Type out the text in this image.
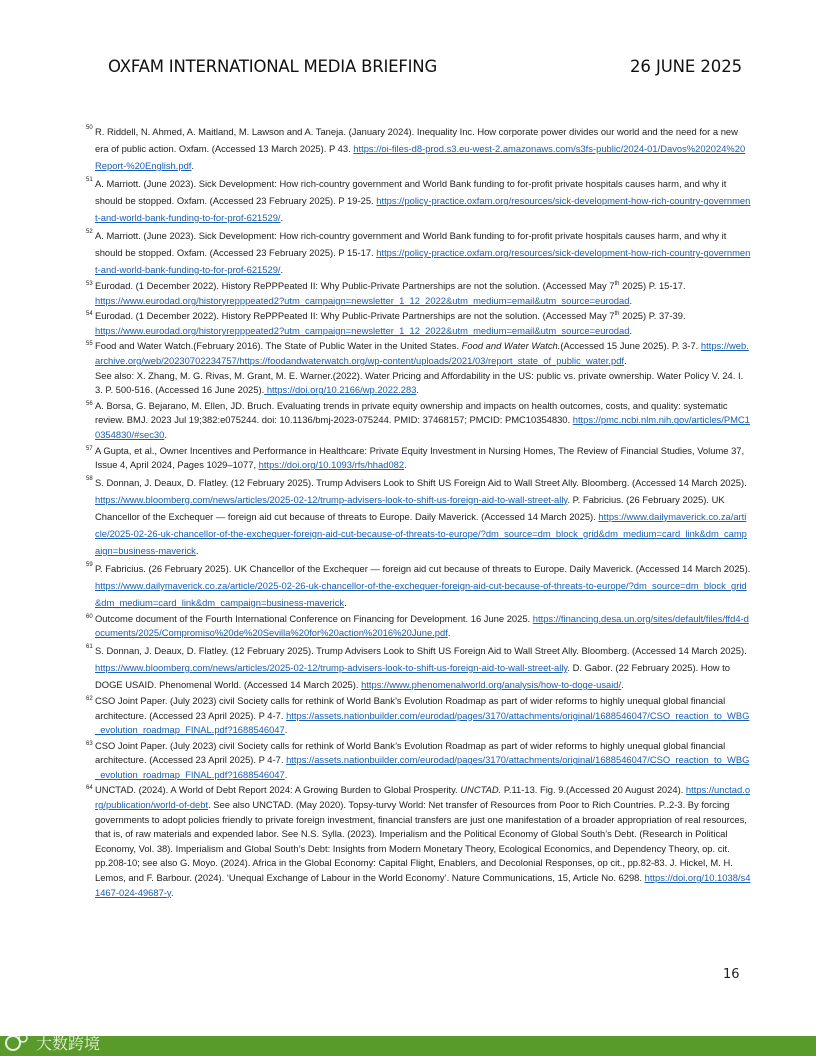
OXFAM INTERNATIONAL MEDIA BRIEFING	26 JUNE 2025

50 R. Riddell, N. Ahmed, A. Maitland, M. Lawson and A. Taneja. (January 2024). Inequality Inc. How corporate power divides our world and the need for a new era of public action. Oxfam. (Accessed 13 March 2025). P 43. https://oi-files-d8-prod.s3.eu-west-2.amazonaws.com/s3fs-public/2024-01/Davos%202024%20Report-%20English.pdf.

51 A. Marriott. (June 2023). Sick Development: How rich-country government and World Bank funding to for-profit private hospitals causes harm, and why it should be stopped. Oxfam. (Accessed 23 February 2025). P 19-25. https://policy-practice.oxfam.org/resources/sick-development-how-rich-country-government-and-world-bank-funding-to-for-prof-621529/.

52 A. Marriott. (June 2023). Sick Development: How rich-country government and World Bank funding to for-profit private hospitals causes harm, and why it should be stopped. Oxfam. (Accessed 23 February 2025). P 15-17. https://policy-practice.oxfam.org/resources/sick-development-how-rich-country-government-and-world-bank-funding-to-for-prof-621529/.

53 Eurodad. (1 December 2022). History RePPPeated II: Why Public-Private Partnerships are not the solution. (Accessed May 7th 2025) P. 15-17.
https://www.eurodad.org/historyrepppeated2?utm_campaign=newsletter_1_12_2022&utm_medium=email&utm_source=eurodad.

54 Eurodad. (1 December 2022). History RePPPeated II: Why Public-Private Partnerships are not the solution. (Accessed May 7th 2025) P. 37-39.
https://www.eurodad.org/historyrepppeated2?utm_campaign=newsletter_1_12_2022&utm_medium=email&utm_source=eurodad.

55 Food and Water Watch.(February 2016). The State of Public Water in the United States. Food and Water Watch.(Accessed 15 June 2025). P. 3-7. https://web.archive.org/web/20230702234757/https://foodandwaterwatch.org/wp-content/uploads/2021/03/report_state_of_public_water.pdf.
See also: X. Zhang, M. G. Rivas, M. Grant, M. E. Warner.(2022). Water Pricing and Affordability in the US: public vs. private ownership. Water Policy V. 24. I. 3. P. 500-516. (Accessed 16 June 2025). https://doi.org/10.2166/wp.2022.283.

56 A. Borsa, G. Bejarano, M. Ellen, JD. Bruch. Evaluating trends in private equity ownership and impacts on health outcomes, costs, and quality: systematic review. BMJ. 2023 Jul 19;382:e075244. doi: 10.1136/bmj-2023-075244. PMID: 37468157; PMCID: PMC10354830. https://pmc.ncbi.nlm.nih.gov/articles/PMC10354830/#sec30.

57 A Gupta, et al., Owner Incentives and Performance in Healthcare: Private Equity Investment in Nursing Homes, The Review of Financial Studies, Volume 37, Issue 4, April 2024, Pages 1029–1077, https://doi.org/10.1093/rfs/hhad082.

58 S. Donnan, J. Deaux, D. Flatley. (12 February 2025). Trump Advisers Look to Shift US Foreign Aid to Wall Street Ally. Bloomberg. (Accessed 14 March 2025). https://www.bloomberg.com/news/articles/2025-02-12/trump-advisers-look-to-shift-us-foreign-aid-to-wall-street-ally. P. Fabricius. (26 February 2025). UK Chancellor of the Exchequer — foreign aid cut because of threats to Europe. Daily Maverick. (Accessed 14 March 2025). https://www.dailymaverick.co.za/article/2025-02-26-uk-chancellor-of-the-exchequer-foreign-aid-cut-because-of-threats-to-europe/?dm_source=dm_block_grid&dm_medium=card_link&dm_campaign=business-maverick.

59 P. Fabricius. (26 February 2025). UK Chancellor of the Exchequer — foreign aid cut because of threats to Europe. Daily Maverick. (Accessed 14 March 2025). https://www.dailymaverick.co.za/article/2025-02-26-uk-chancellor-of-the-exchequer-foreign-aid-cut-because-of-threats-to-europe/?dm_source=dm_block_grid&dm_medium=card_link&dm_campaign=business-maverick.

60 Outcome document of the Fourth International Conference on Financing for Development. 16 June 2025. https://financing.desa.un.org/sites/default/files/ffd4-documents/2025/Compromiso%20de%20Sevilla%20for%20action%2016%20June.pdf.

61 S. Donnan, J. Deaux, D. Flatley. (12 February 2025). Trump Advisers Look to Shift US Foreign Aid to Wall Street Ally. Bloomberg. (Accessed 14 March 2025). https://www.bloomberg.com/news/articles/2025-02-12/trump-advisers-look-to-shift-us-foreign-aid-to-wall-street-ally. D. Gabor. (22 February 2025). How to DOGE USAID. Phenomenal World. (Accessed 14 March 2025). https://www.phenomenalworld.org/analysis/how-to-doge-usaid/.

62 CSO Joint Paper. (July 2023) civil Society calls for rethink of World Bank’s Evolution Roadmap as part of wider reforms to highly unequal global financial architecture. (Accessed 23 April 2025). P 4-7. https://assets.nationbuilder.com/eurodad/pages/3170/attachments/original/1688546047/CSO_reaction_to_WBG_evolution_roadmap_FINAL.pdf?1688546047.

63 CSO Joint Paper. (July 2023) civil Society calls for rethink of World Bank’s Evolution Roadmap as part of wider reforms to highly unequal global financial architecture. (Accessed 23 April 2025). P 4-7. https://assets.nationbuilder.com/eurodad/pages/3170/attachments/original/1688546047/CSO_reaction_to_WBG_evolution_roadmap_FINAL.pdf?1688546047.

64 UNCTAD. (2024). A World of Debt Report 2024: A Growing Burden to Global Prosperity. UNCTAD. P.11-13. Fig. 9.(Accessed 20 August 2024). https://unctad.org/publication/world-of-debt. See also UNCTAD. (May 2020). Topsy-turvy World: Net transfer of Resources from Poor to Rich Countries. P..2-3. By forcing governments to adopt policies friendly to private foreign investment, financial transfers are just one manifestation of a broader appropriation of real resources, that is, of raw materials and expended labor. See N.S. Sylla. (2023). Imperialism and the Political Economy of Global South’s Debt. (Research in Political Economy, Vol. 38). Imperialism and Global South’s Debt: Insights from Modern Monetary Theory, Ecological Economics, and Dependency Theory, op. cit. pp.208-10; see also G. Moyo. (2024). Africa in the Global Economy: Capital Flight, Enablers, and Decolonial Responses, op cit., pp.82-83. J. Hickel, M. H. Lemos, and F. Barbour. (2024). ‘Unequal Exchange of Labour in the World Economy’. Nature Communications, 15, Article No. 6298. https://doi.org/10.1038/s41467-024-49687-y.

16
大数跨境
